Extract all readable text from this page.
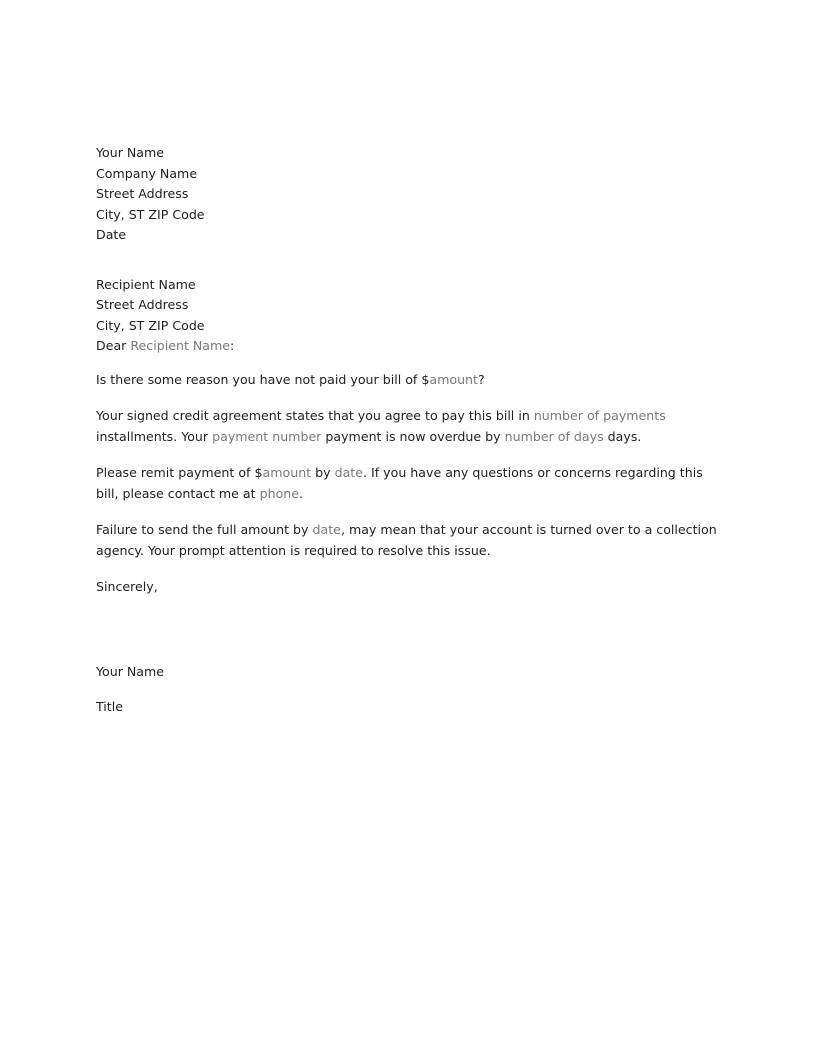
Your Name
Company Name
Street Address
City, ST ZIP Code
Date
Recipient Name
Street Address
City, ST ZIP Code
Dear Recipient Name:

Is there some reason you have not paid your bill of $amount?

Your signed credit agreement states that you agree to pay this bill in number of payments installments. Your payment number payment is now overdue by number of days days.

Please remit payment of $amount by date. If you have any questions or concerns regarding this bill, please contact me at phone.

Failure to send the full amount by date, may mean that your account is turned over to a collection agency. Your prompt attention is required to resolve this issue.

Sincerely,

Your Name

Title
